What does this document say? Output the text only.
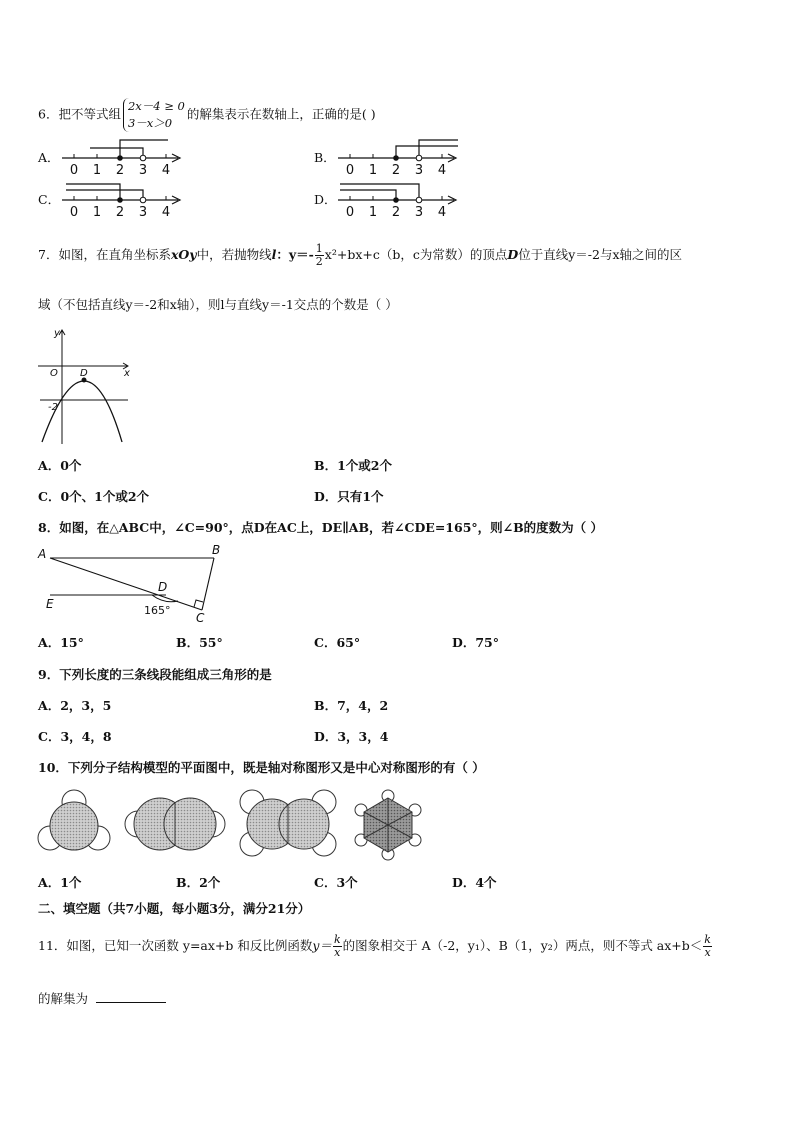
6．把不等式组
2x－4 ≥ 0
3－x＞0
的解集表示在数轴上，正确的是( )
A．	B．
C．	D．
0 1 2 3 4	0 1 2 3 4
0 1 2 3 4	0 1 2 3 4
7．如图，在直角坐标系xOy中，若抛物线l：$y=- \frac{1}{2} x^2+bx+c(b$，c为常数）的顶点D位于直线y＝-2与x轴之间的区
域（不包括直线y＝-2和x轴），则l与直线y＝-1交点的个数是（ ）
y
x
O D
-2
A．0个	B．1个或2个
C．0个、1个或2个	D．只有1个
8．如图，在△ABC中，∠C=90°，点D在AC上，DE∥AB，若∠CDE=165°，则∠B的度数为（ ）
A	B
C
D
E	165°
A．15°	B．55°	C．65°	D．75°
9．下列长度的三条线段能组成三角形的是
A．2，3，5	B．7，4，2
C．3，4，8	D．3，3，4
10．下列分子结构模型的平面图中，既是轴对称图形又是中心对称图形的有（ ）
A．1个	B．2个	C．3个	D．4个
二、填空题（共7小题，每小题3分，满分21分）
11．如图，已知一次函数 y=ax+b 和反比例函数$y= \frac{k}{x}$ 的图象相交于 A（-2，y₁）、B（1，y₂）两点，则不等式 $ax+b< \frac{k}{x}$
的解集为
